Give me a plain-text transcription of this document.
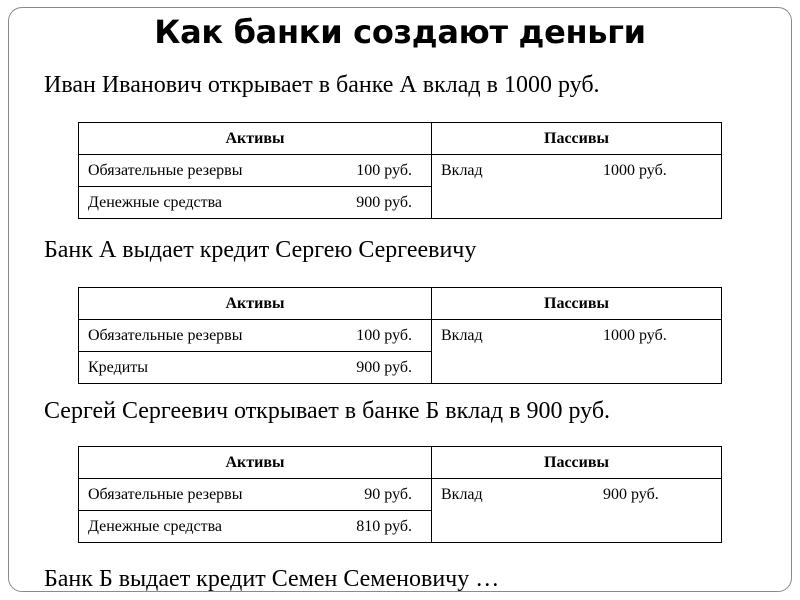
Как банки создают деньги
Иван Иванович открывает в банке А вклад в 1000 руб.
Активы	Пассивы

Обязательные резервы 100 руб.	Вклад 1000 руб.

Денежные средства 900 руб.	
Банк А выдает кредит Сергею Сергеевичу
Активы	Пассивы

Обязательные резервы 100 руб.	Вклад 1000 руб.

Кредиты 900 руб.	
Сергей Сергеевич открывает в банке Б вклад в 900 руб.
Активы	Пассивы

Обязательные резервы 90 руб.	Вклад 900 руб.

Денежные средства 810 руб.	
Банк Б выдает кредит Семен Семеновичу …
